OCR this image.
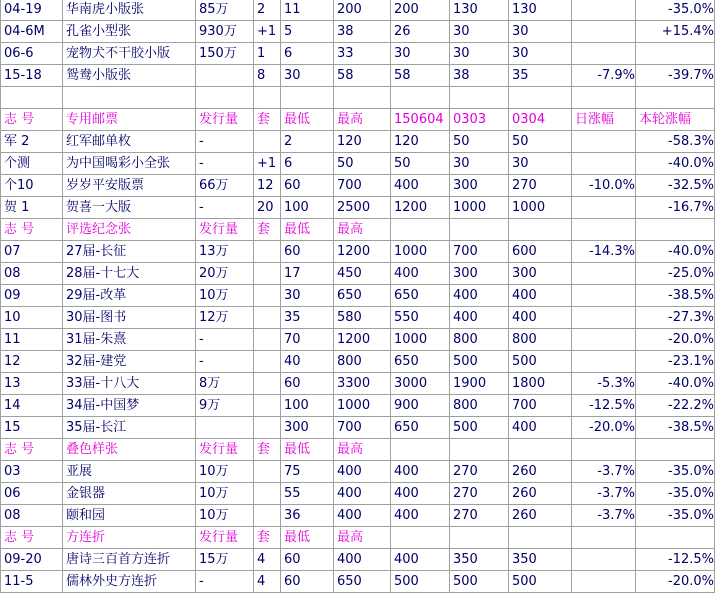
04-19	华南虎小版张	85万	2	11	200	200	130	130		-35.0%
04-6M	孔雀小型张	930万	+1	5	38	26	30	30		+15.4%
06-6	宠物犬不干胶小版	150万	1	6	33	30	30	30		
15-18	鸳鸯小版张		8	30	58	58	38	35	-7.9%	-39.7%

志 号	专用邮票	发行量	套	最低	最高	150604	0303	0304	日涨幅	本轮涨幅
军 2	红军邮单枚	-		2	120	120	50	50		-58.3%
个测	为中国喝彩小全张	-	+1	6	50	50	30	30		-40.0%
个10	岁岁平安版票	66万	12	60	700	400	300	270	-10.0%	-32.5%
贺 1	贺喜一大版	-	20	100	2500	1200	1000	1000		-16.7%
志 号	评选纪念张	发行量	套	最低	最高					
07	27届-长征	13万		60	1200	1000	700	600	-14.3%	-40.0%
08	28届-十七大	20万		17	450	400	300	300		-25.0%
09	29届-改革	10万		30	650	650	400	400		-38.5%
10	30届-图书	12万		35	580	550	400	400		-27.3%
11	31届-朱熹	-		70	1200	1000	800	800		-20.0%
12	32届-建党	-		40	800	650	500	500		-23.1%
13	33届-十八大	8万		60	3300	3000	1900	1800	-5.3%	-40.0%
14	34届-中国梦	9万		100	1000	900	800	700	-12.5%	-22.2%
15	35届-长江			300	700	650	500	400	-20.0%	-38.5%
志 号	叠色样张	发行量	套	最低	最高					
03	亚展	10万		75	400	400	270	260	-3.7%	-35.0%
06	金银器	10万		55	400	400	270	260	-3.7%	-35.0%
08	颐和园	10万		36	400	400	270	260	-3.7%	-35.0%
志 号	方连折	发行量	套	最低	最高					
09-20	唐诗三百首方连折	15万	4	60	400	400	350	350		-12.5%
11-5	儒林外史方连折	-	4	60	650	500	500	500		-20.0%
